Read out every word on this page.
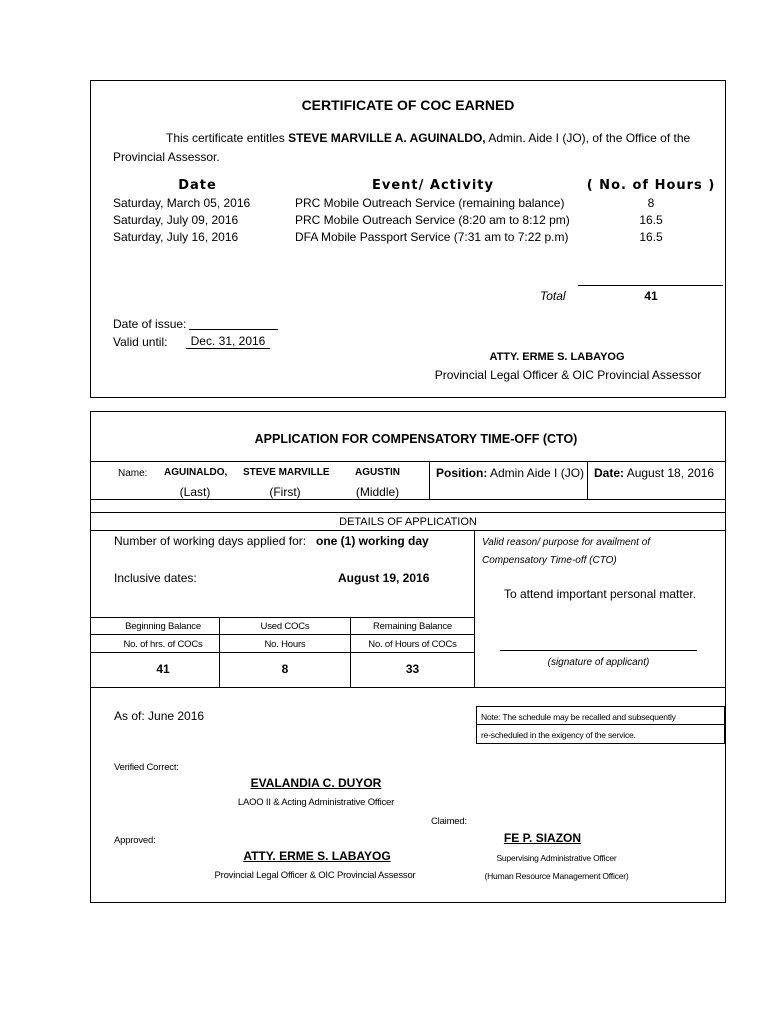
CERTIFICATE OF COC EARNED
This certificate entitles STEVE MARVILLE A. AGUINALDO, Admin. Aide I (JO), of the Office of the
Provincial Assessor.
Date	Event/ Activity	( No. of Hours )
Saturday, March 05, 2016	PRC Mobile Outreach Service (remaining balance)	8
Saturday, July 09, 2016	PRC Mobile Outreach Service (8:20 am to 8:12 pm)	16.5
Saturday, July 16, 2016	DFA Mobile Passport Service (7:31 am to 7:22 p.m)	16.5
Total	41
Date of issue:
Valid until:	Dec. 31, 2016
ATTY. ERME S. LABAYOG
Provincial Legal Officer & OIC Provincial Assessor
APPLICATION FOR COMPENSATORY TIME-OFF (CTO)
Name: AGUINALDO, STEVE MARVILLE	AGUSTIN
(Last)	(First)	(Middle)
Position: Admin Aide I (JO) Date: August 18, 2016
DETAILS OF APPLICATION
Number of working days applied for: one (1) working day
Inclusive dates:	August 19, 2016
Valid reason/ purpose for availment of
Compensatory Time-off (CTO)
To attend important personal matter.
(signature of applicant)
Beginning Balance	Used COCs	Remaining Balance
No. of hrs. of COCs	No. Hours	No. of Hours of COCs
41	8	33
As of: June 2016	Note: The schedule may be recalled and subsequently
re-scheduled in the exigency of the service.
Verified Correct:
EVALANDIA C. DUYOR
LAOO II & Acting Administrative Officer
Claimed:
Approved:	FE P. SIAZON
Supervising Administrative Officer
(Human Resource Management Officer)
ATTY. ERME S. LABAYOG
Provincial Legal Officer & OIC Provincial Assessor
